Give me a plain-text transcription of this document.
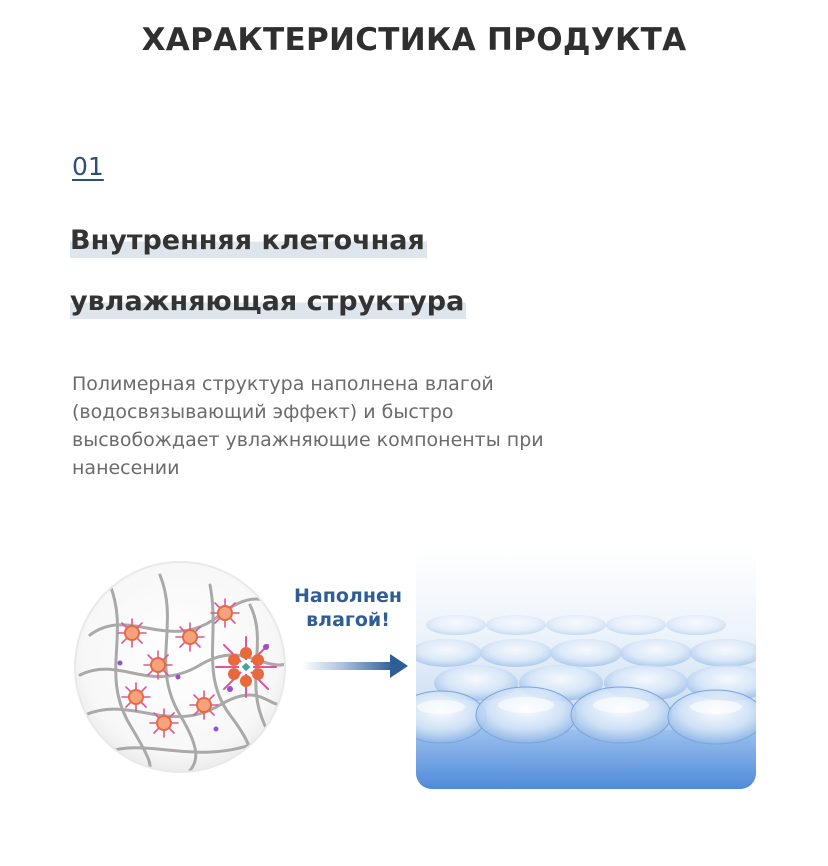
ХАРАКТЕРИСТИКА ПРОДУКТА
01
Внутренняя клеточная
увлажняющая структура
Полимерная структура наполнена влагой (водосвязывающий эффект) и быстро высвобождает увлажняющие компоненты при нанесении
Наполнен
влагой!
